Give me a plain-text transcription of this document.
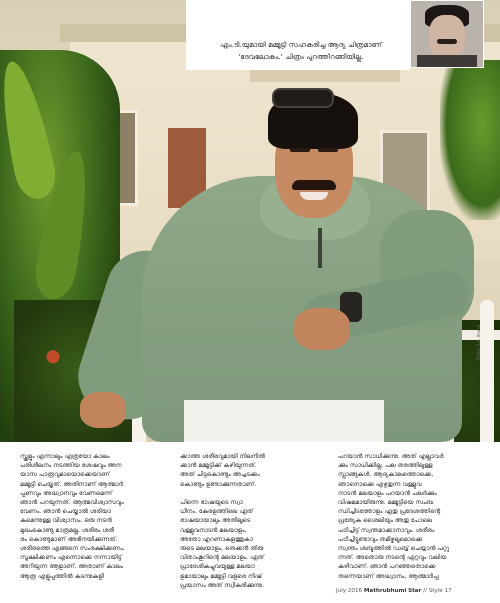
Photo: S.L. Anand
എം.ടി.യുമായി മമ്മൂട്ടി സഹകരിച്ച ആദ്യ ചിത്രമാണ്
'ദേവലോകം.' ചിത്രം പുറത്തിറങ്ങിയില്ല.

സ്കൂളും എന്നാലും എത്രയോ കാലം

പരിശീലനം നടത്തിയ ശേഷവും അന

യാസ പാത്രവുമായൊക്കെയാണ്

മമ്മൂട്ടി ചെയ്തത്. അതിനാണ് ആത്മാർ

പ്പണവും അദ്ധ്വാനവും വേണമെന്ന്

ഞാൻ പറയുന്നത്. ആത്മവിശ്വാസവും

വേണം. ഞാൻ ചെയ്താൽ ശരിയാ

കുമെന്നുള്ള വിശ്വാസം. ഒരു നടൻ

മുഖംകൊണ്ടു മാത്രമല്ല, ശരീരം ശരീ

രം കൊണ്ടുമാണ് അഭിനയിക്കുന്നത്.

ശരീരത്തെ എങ്ങനെ സംരക്ഷിക്കണം,

സൂക്ഷിക്കണം എന്നൊക്കെ നന്നായിട്ട്

അറിയുന്ന ആളാണ്. അതാണ് കാലം

ആത്ര എളുപ്പത്തിൽ കടന്നുകളി

ക്കാത്ത ശരീരവുമായി നിലനിൽ

ക്കാൻ മമ്മൂട്ടിക്ക് കഴിയുന്നത്.

അത് ചിട്ടകൊണ്ടും അച്ചടക്കം

കൊണ്ടും ഉണ്ടാക്കുന്നതാണ്.

പിന്നെ ഭാഷയുടെ സ്വാ

ധീനം. കേരളത്തിലെ ഏത്

ഭാഷയായാലും അതിലൂടെ

വള്ളുവനാടൻ മലയാളം,

അതോ എറണാകുളത്തുകാ

രുടെ മലയാളം, തെക്കൻ തിരു

വിതാംകൂറിന്റെ മലയാളം. ഏത്

പ്രാദേശികച്ചുവയുള്ള മലയാ

ളമായാലും മമ്മൂട്ടി വളരെ നിഷ്

പ്രയാസം അത് സ്വീകരിക്കുന്നു.

പറയാൻ സാധിക്കുന്നു. അത് എല്ലാവർ

ക്കും സാധിക്കില്ല. പല തരത്തിലുള്ള

സ്ലാങ്ങുകൾ. ആദ്യകാലത്തൊക്കെ,

ഞാനൊക്കെ എഴുതുന്ന വള്ളുവ

നാടൻ മലയാളം പറയാൻ പലർക്കും

വിഷമമായിരുന്നു. മമ്മൂട്ടിയെ സംബ

ന്ധിച്ചിടത്തോളം ഏതു പ്രദേശത്തിന്റെ

പ്രത്യേക ശൈലിയും അതു പോലെ

പഠിച്ചിട്ട് സ്വന്തമാക്കാനാവും. ശരീരം

പഠിച്ചിട്ടുണ്ടാവും തമിഴ്മലൂമൊക്കെ

സ്വന്തം ശബ്ദത്തിൽ ഡബ്ബ് ചെയ്യാൻ പറ്റു

ന്നത്. അതൊരു നടന്റെ ഏറ്റവും വലിയ

കഴിവാണ്. ഞാൻ പറഞ്ഞതൊക്കെ

തന്നെയാണ് അദ്ധ്വാനം, ആത്മാർപ്പ

July 2016 Mathrubhumi Star // Style 17
